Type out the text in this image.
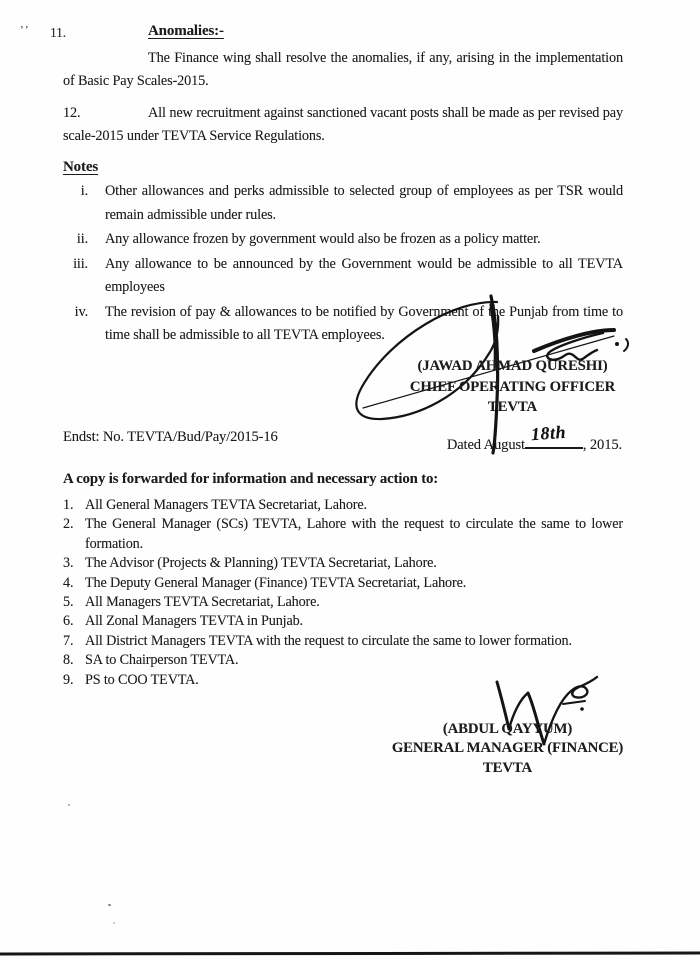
’’ 11.	Anomalies:-
The Finance wing shall resolve the anomalies, if any, arising in the implementation of Basic Pay Scales-2015.
12.	All new recruitment against sanctioned vacant posts shall be made as per revised pay scale-2015 under TEVTA Service Regulations.
Notes
i. Other allowances and perks admissible to selected group of employees as per TSR would remain admissible under rules.
ii. Any allowance frozen by government would also be frozen as a policy matter.
iii. Any allowance to be announced by the Government would be admissible to all TEVTA employees
iv. The revision of pay & allowances to be notified by Government of the Punjab from time to time shall be admissible to all TEVTA employees.
(JAWAD AHMAD QURESHI)
CHIEF OPERATING OFFICER
TEVTA
Endst: No. TEVTA/Bud/Pay/2015-16	Dated August
18th
, 2015.
A copy is forwarded for information and necessary action to:
1. All General Managers TEVTA Secretariat, Lahore.
2. The General Manager (SCs) TEVTA, Lahore with the request to circulate the same to lower formation.
3. The Advisor (Projects & Planning) TEVTA Secretariat, Lahore.
4. The Deputy General Manager (Finance) TEVTA Secretariat, Lahore.
5. All Managers TEVTA Secretariat, Lahore.
6. All Zonal Managers TEVTA in Punjab.
7. All District Managers TEVTA with the request to circulate the same to lower formation.
8. SA to Chairperson TEVTA.
9. PS to COO TEVTA.
(ABDUL QAYYUM)
GENERAL MANAGER (FINANCE)
TEVTA
